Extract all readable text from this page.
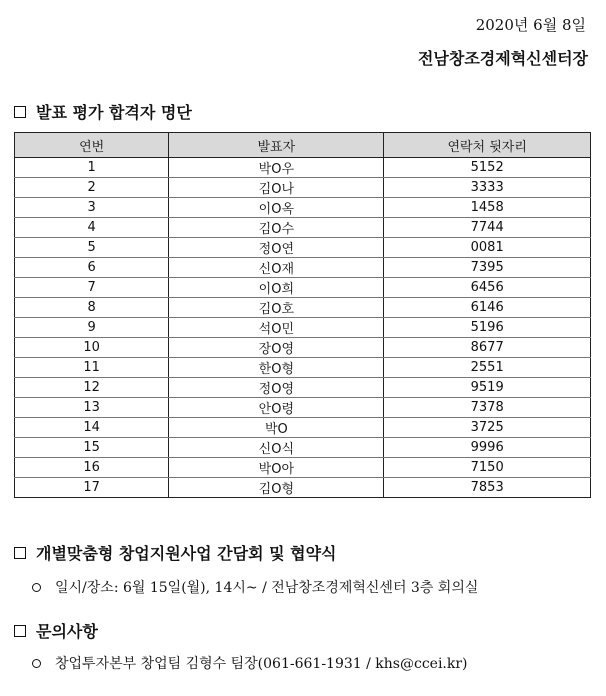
2020년 6월 8일
전남창조경제혁신센터장
발표 평가 합격자 명단
연번	발표자	연락처 뒷자리
1	박O우	5152
2	김O나	3333
3	이O옥	1458
4	김O수	7744
5	정O연	0081
6	신O재	7395
7	이O희	6456
8	김O호	6146
9	석O민	5196
10	장O영	8677
11	한O형	2551
12	정O영	9519
13	안O령	7378
14	박O	3725
15	신O식	9996
16	박O아	7150
17	김O형	7853
개별맞춤형 창업지원사업 간담회 및 협약식
일시/장소: 6월 15일(월), 14시~ / 전남창조경제혁신센터 3층 회의실
문의사항
창업투자본부 창업팀 김형수 팀장(061-661-1931 / khs@ccei.kr)
